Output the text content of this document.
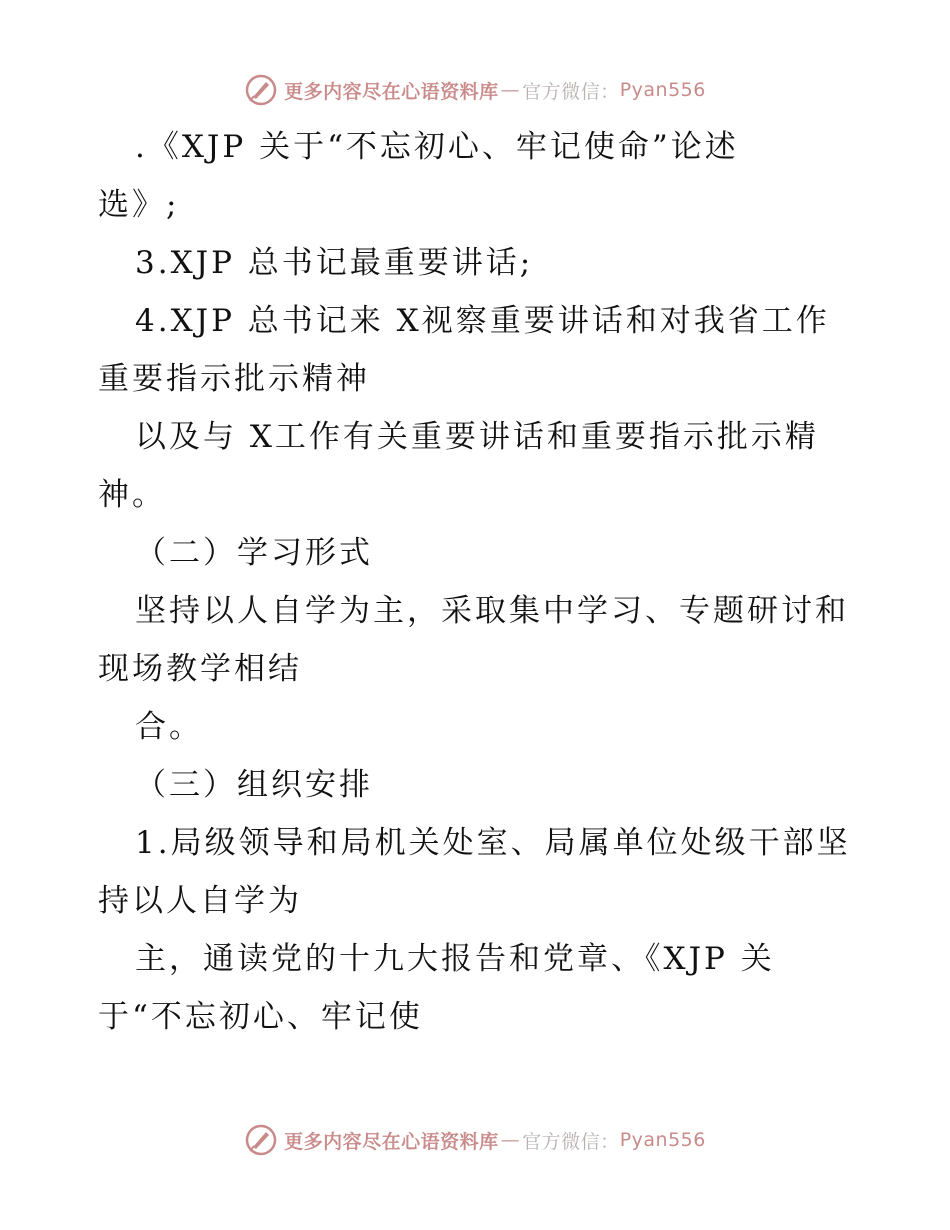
更多内容尽在心语资料库 — 官方微信： Pyan556
.《XJP 关于“不忘初心、牢记使命”论述
选》;
3.XJP 总书记最重要讲话;
4.XJP 总书记来 X视察重要讲话和对我省工作
重要指示批示精神
以及与 X工作有关重要讲话和重要指示批示精
神。
（二）学习形式
坚持以人自学为主，采取集中学习、专题研讨和
现场教学相结
合。
（三）组织安排
1.局级领导和局机关处室、局属单位处级干部坚
持以人自学为
主，通读党的十九大报告和党章、《XJP 关
于“不忘初心、牢记使
更多内容尽在心语资料库 — 官方微信： Pyan556
